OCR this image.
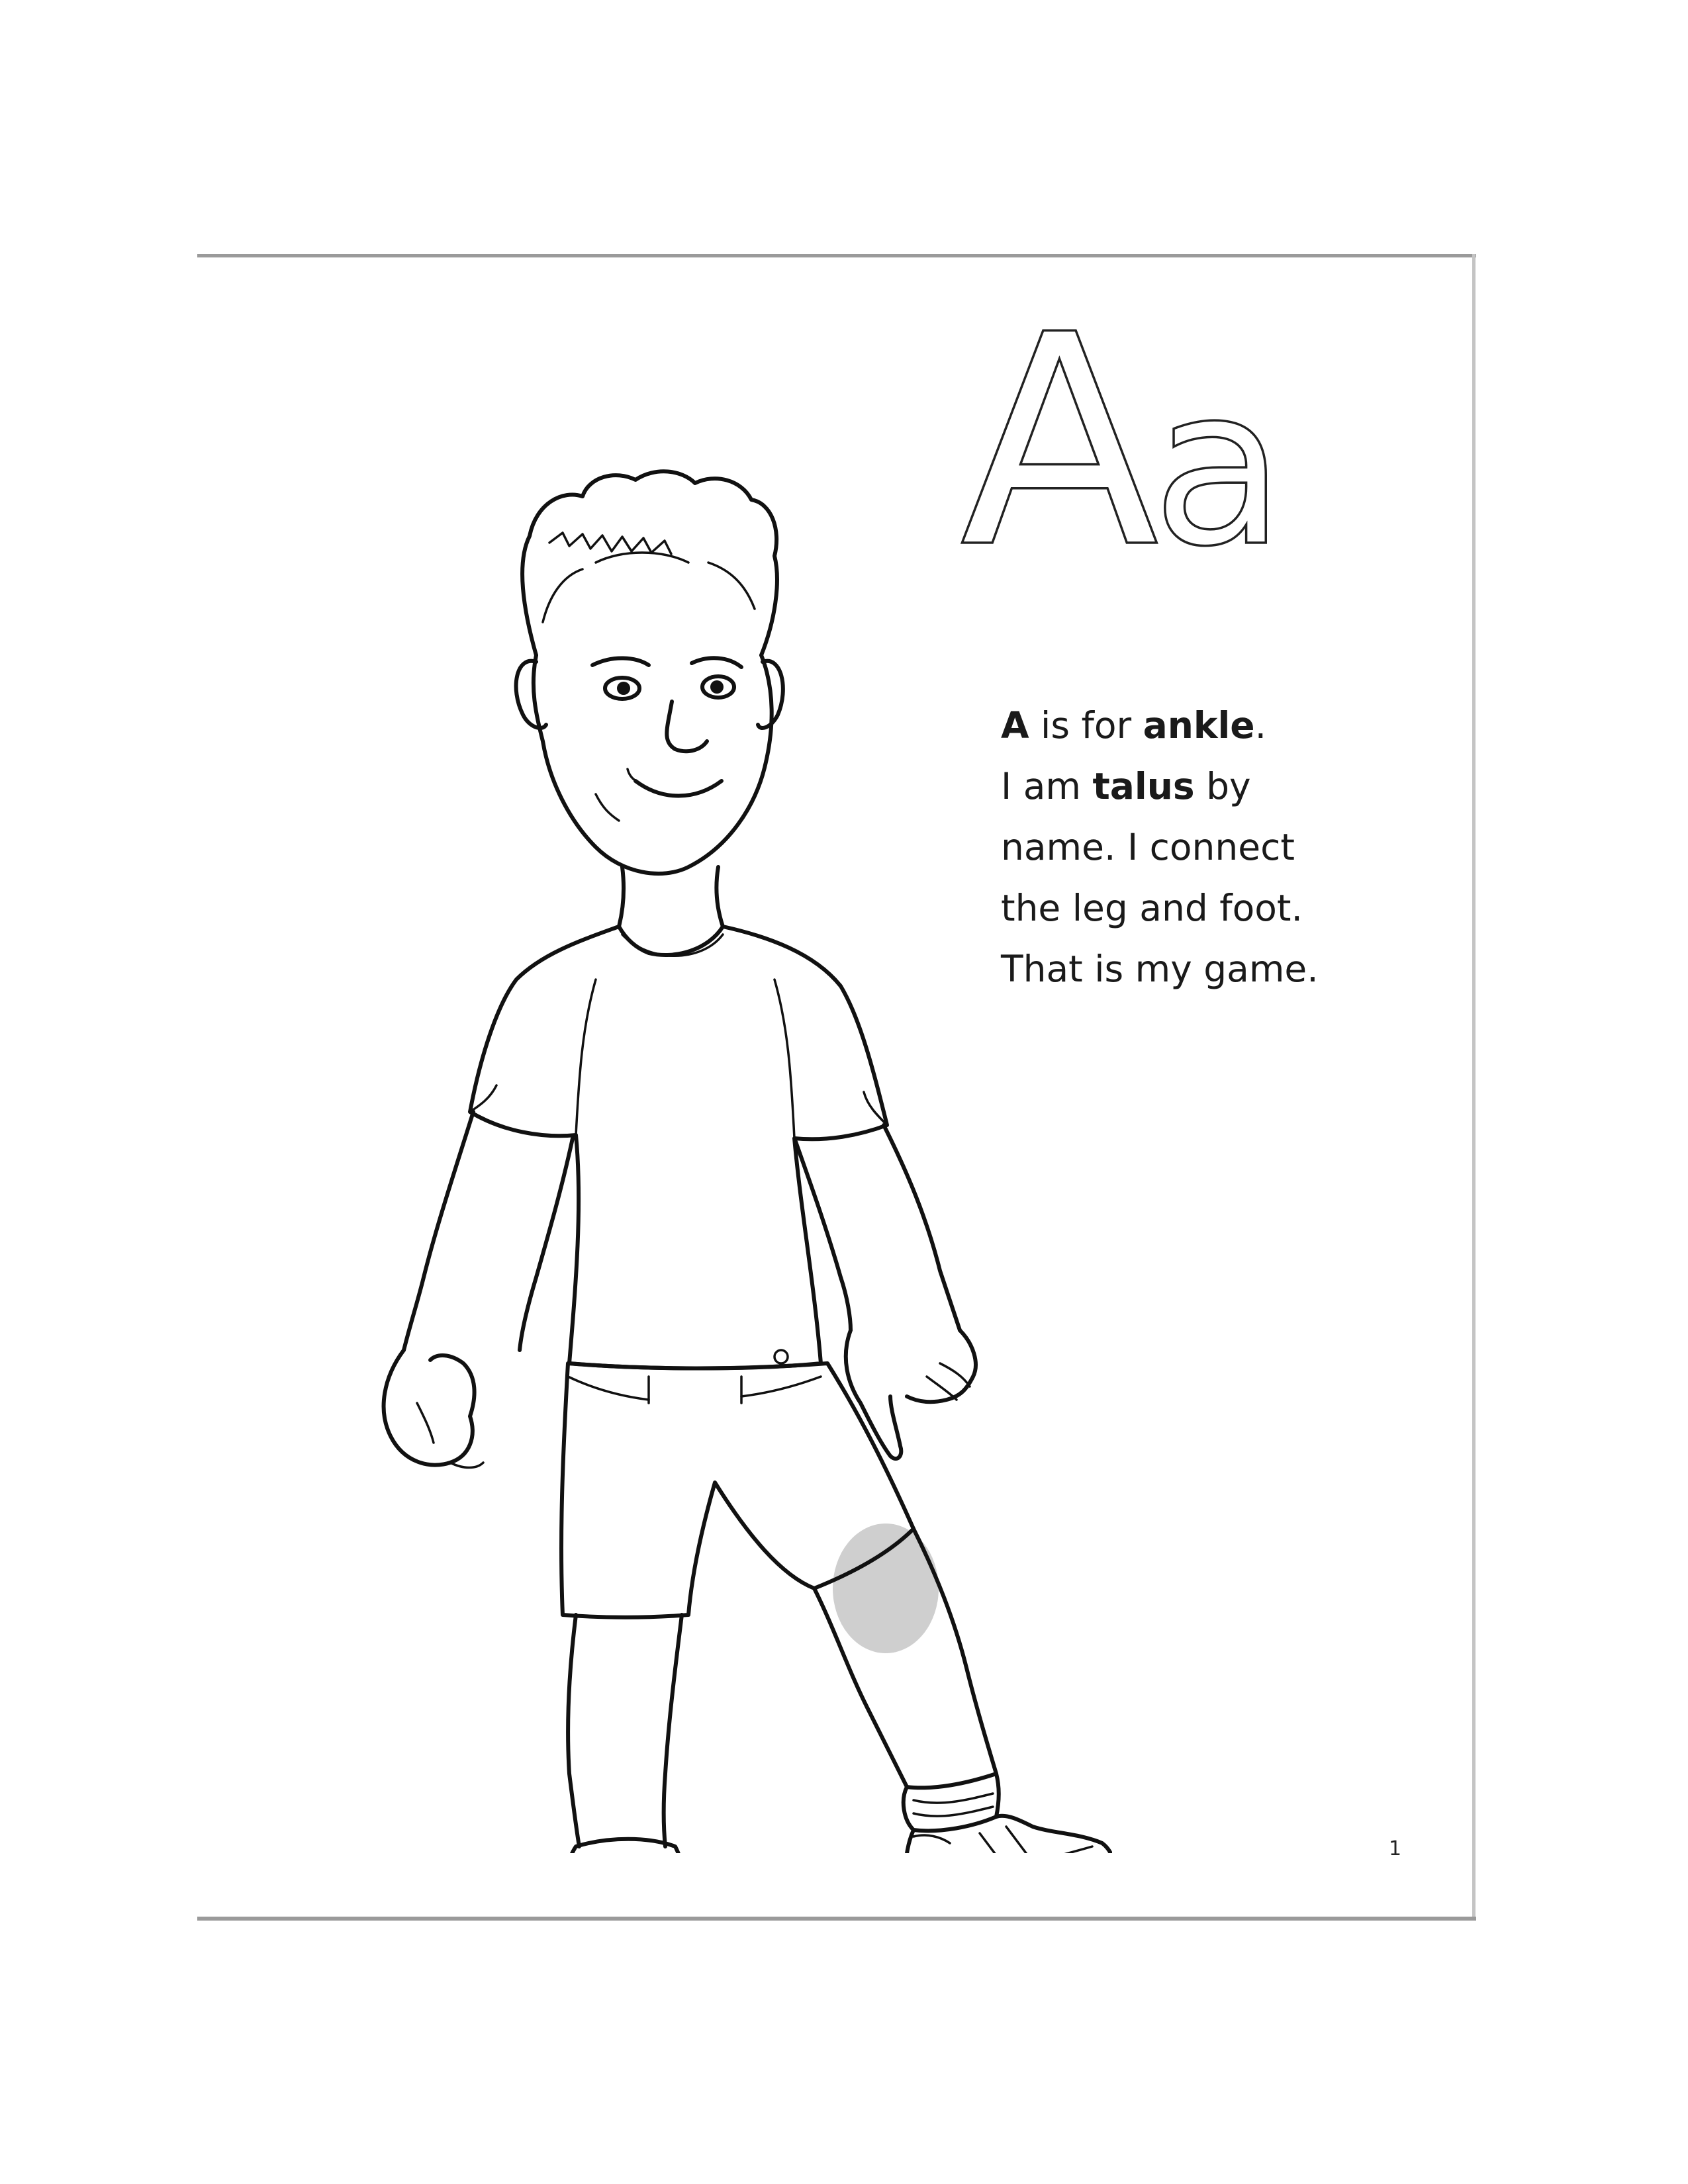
A
a
A is for ankle.
I am talus by
name. I connect
the leg and foot.
That is my game.
1
